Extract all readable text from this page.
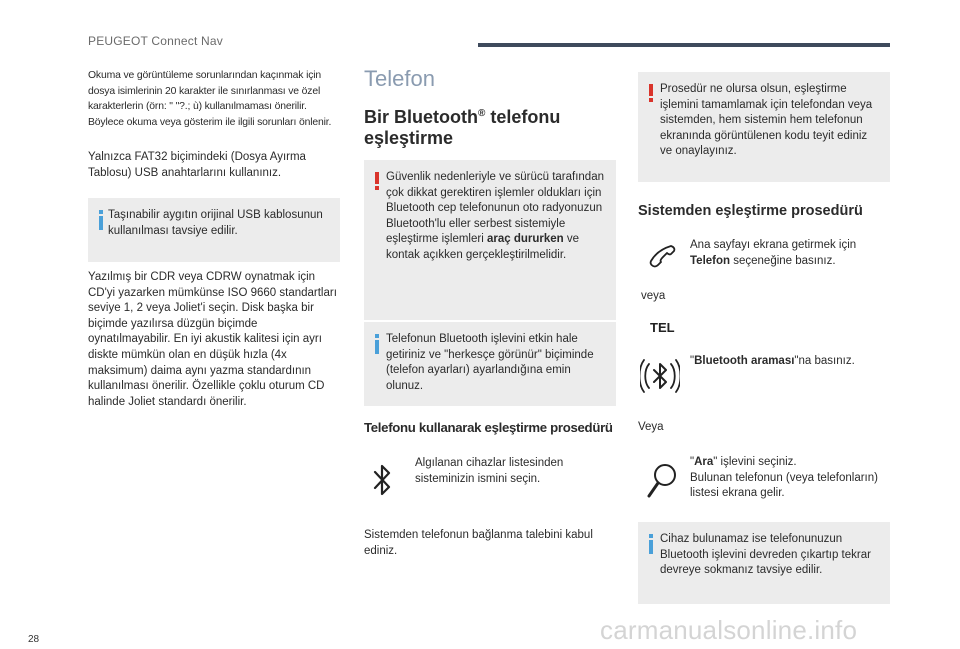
PEUGEOT Connect Nav

Okuma ve görüntüleme sorunlarından kaçınmak için dosya isimlerinin 20 karakter ile sınırlanması ve özel karakterlerin (örn: " "?.; ù) kullanılmaması önerilir. Böylece okuma veya gösterim ile ilgili sorunları önlenir.

Yalnızca FAT32 biçimindeki (Dosya Ayırma Tablosu) USB anahtarlarını kullanınız.

Taşınabilir aygıtın orijinal USB kablosunun kullanılması tavsiye edilir.

Yazılmış bir CDR veya CDRW oynatmak için CD'yi yazarken mümkünse ISO 9660 standartları seviye 1, 2 veya Joliet'i seçin. Disk başka bir biçimde yazılırsa düzgün biçimde oynatılmayabilir. En iyi akustik kalitesi için ayrı diskte mümkün olan en düşük hızla (4x maksimum) daima aynı yazma standardının kullanılması önerilir. Özellikle çoklu oturum CD halinde Joliet standardı önerilir.

Telefon
Bir Bluetooth® telefonu
eşleştirme
Güvenlik nedenleriyle ve sürücü tarafından çok dikkat gerektiren işlemler oldukları için Bluetooth cep telefonunun oto radyonuzun Bluetooth'lu eller serbest sistemiyle eşleştirme işlemleri araç dururken ve kontak açıkken gerçekleştirilmelidir.
Telefonun Bluetooth işlevini etkin hale getiriniz ve "herkesçe görünür" biçiminde (telefon ayarları) ayarlandığına emin olunuz.
Telefonu kullanarak eşleştirme prosedürü

Algılanan cihazlar listesinden sisteminizin ismini seçin.

Sistemden telefonun bağlanma talebini kabul ediniz.

Prosedür ne olursa olsun, eşleştirme işlemini tamamlamak için telefondan veya sistemden, hem sistemin hem telefonun ekranında görüntülenen kodu teyit ediniz ve onaylayınız.
Sistemden eşleştirme prosedürü

Ana sayfayı ekrana getirmek için Telefon seçeneğine basınız.

veya
TEL

"Bluetooth araması"na basınız.

Veya

"Ara" işlevini seçiniz.
Bulunan telefonun (veya telefonların) listesi ekrana gelir.

Cihaz bulunamaz ise telefonunuzun Bluetooth işlevini devreden çıkartıp tekrar devreye sokmanız tavsiye edilir.
28	carmanualsonline.info
